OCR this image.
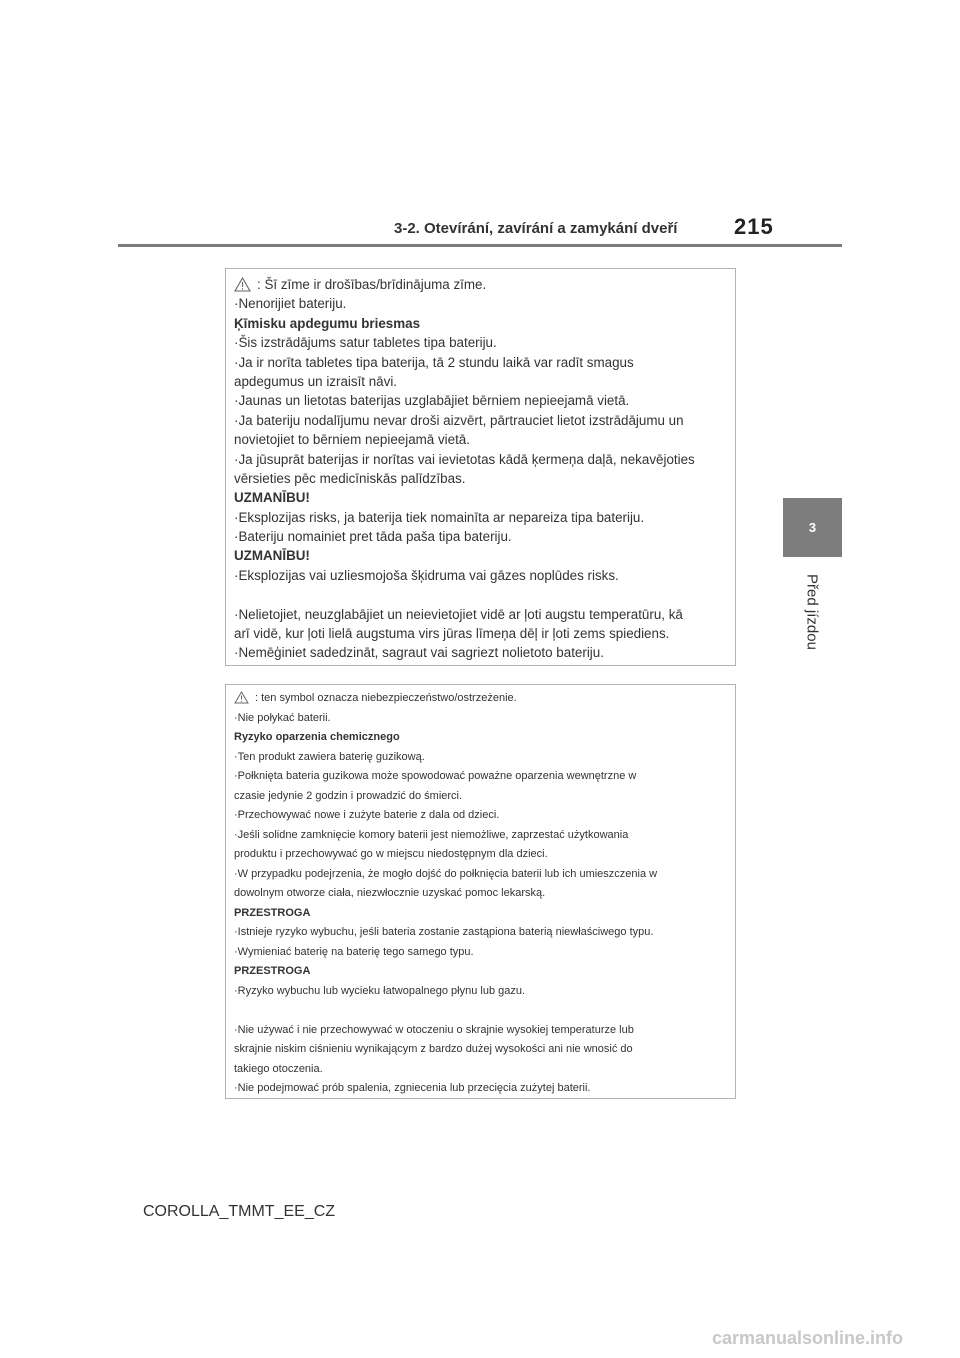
3-2. Otevírání, zavírání a zamykání dveří	215
3
Před jízdou
: Šī zīme ir drošības/brīdinājuma zīme.
·Nenorijiet bateriju.
Ķīmisku apdegumu briesmas
·Šis izstrādājums satur tabletes tipa bateriju.
·Ja ir norīta tabletes tipa baterija, tā 2 stundu laikā var radīt smagus
apdegumus un izraisīt nāvi.
·Jaunas un lietotas baterijas uzglabājiet bērniem nepieejamā vietā.
·Ja bateriju nodalījumu nevar droši aizvērt, pārtrauciet lietot izstrādājumu un
novietojiet to bērniem nepieejamā vietā.
·Ja jūsuprāt baterijas ir norītas vai ievietotas kādā ķermeņa daļā, nekavējoties
vērsieties pēc medicīniskās palīdzības.
UZMANĪBU!
·Eksplozijas risks, ja baterija tiek nomainīta ar nepareiza tipa bateriju.
·Bateriju nomainiet pret tāda paša tipa bateriju.
UZMANĪBU!
·Eksplozijas vai uzliesmojoša šķidruma vai gāzes noplūdes risks.
·Nelietojiet, neuzglabājiet un neievietojiet vidē ar ļoti augstu temperatūru, kā
arī vidē, kur ļoti lielā augstuma virs jūras līmeņa dēļ ir ļoti zems spiediens.
·Nemēģiniet sadedzināt, sagraut vai sagriezt nolietoto bateriju.
: ten symbol oznacza niebezpieczeństwo/ostrzeżenie.
·Nie połykać baterii.
Ryzyko oparzenia chemicznego
·Ten produkt zawiera baterię guzikową.
·Połknięta bateria guzikowa może spowodować poważne oparzenia wewnętrzne w
czasie jedynie 2 godzin i prowadzić do śmierci.
·Przechowywać nowe i zużyte baterie z dala od dzieci.
·Jeśli solidne zamknięcie komory baterii jest niemożliwe, zaprzestać użytkowania
produktu i przechowywać go w miejscu niedostępnym dla dzieci.
·W przypadku podejrzenia, że mogło dojść do połknięcia baterii lub ich umieszczenia w
dowolnym otworze ciała, niezwłocznie uzyskać pomoc lekarską.
PRZESTROGA
·Istnieje ryzyko wybuchu, jeśli bateria zostanie zastąpiona baterią niewłaściwego typu.
·Wymieniać baterię na baterię tego samego typu.
PRZESTROGA
·Ryzyko wybuchu lub wycieku łatwopalnego płynu lub gazu.
·Nie używać i nie przechowywać w otoczeniu o skrajnie wysokiej temperaturze lub
skrajnie niskim ciśnieniu wynikającym z bardzo dużej wysokości ani nie wnosić do
takiego otoczenia.
·Nie podejmować prób spalenia, zgniecenia lub przecięcia zużytej baterii.
COROLLA_TMMT_EE_CZ
carmanualsonline.info
